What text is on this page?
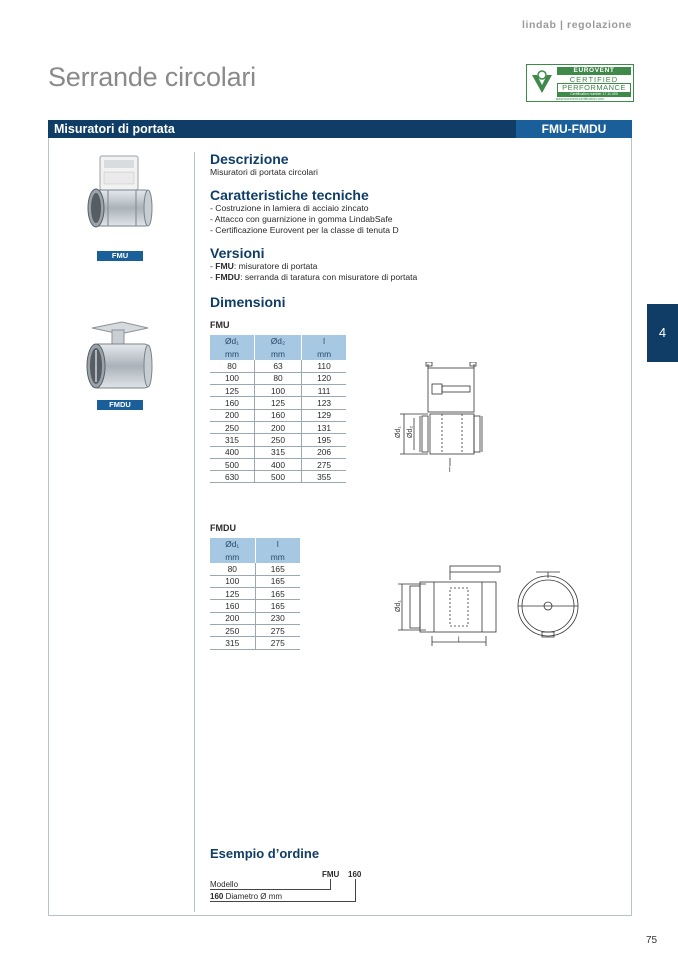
lindab | regolazione
Serrande circolari	EUROVENT
CERTIFIED
PERFORMANCE
Certification number 17.11.000
www.eurovent-certification.com
Misuratori di portata	FMU-FMDU
FMU
FMDU
4
Descrizione
Misuratori di portata circolari
Caratteristiche tecniche
- Costruzione in lamiera di acciaio zincato
- Attacco con guarnizione in gomma LindabSafe
- Certificazione Eurovent per la classe di tenuta D
Versioni
- FMU: misuratore di portata
- FMDU: serranda di taratura con misuratore di portata
Dimensioni
FMU
Ød₁	Ød₂	l
mm	mm	mm
80	63	110
100	80	120
125	100	111
160	125	123
200	160	129
250	200	131
315	250	195
400	315	206
500	400	275
630	500	355
Ød₁ Ød₂
l
FMDU
Ød₁	l
mm	mm
80	165
100	165
125	165
160	165
200	230
250	275
315	275
Ød₁
l
Esempio d’ordine
FMU 160
Modello
160 Diametro Ø mm
75
